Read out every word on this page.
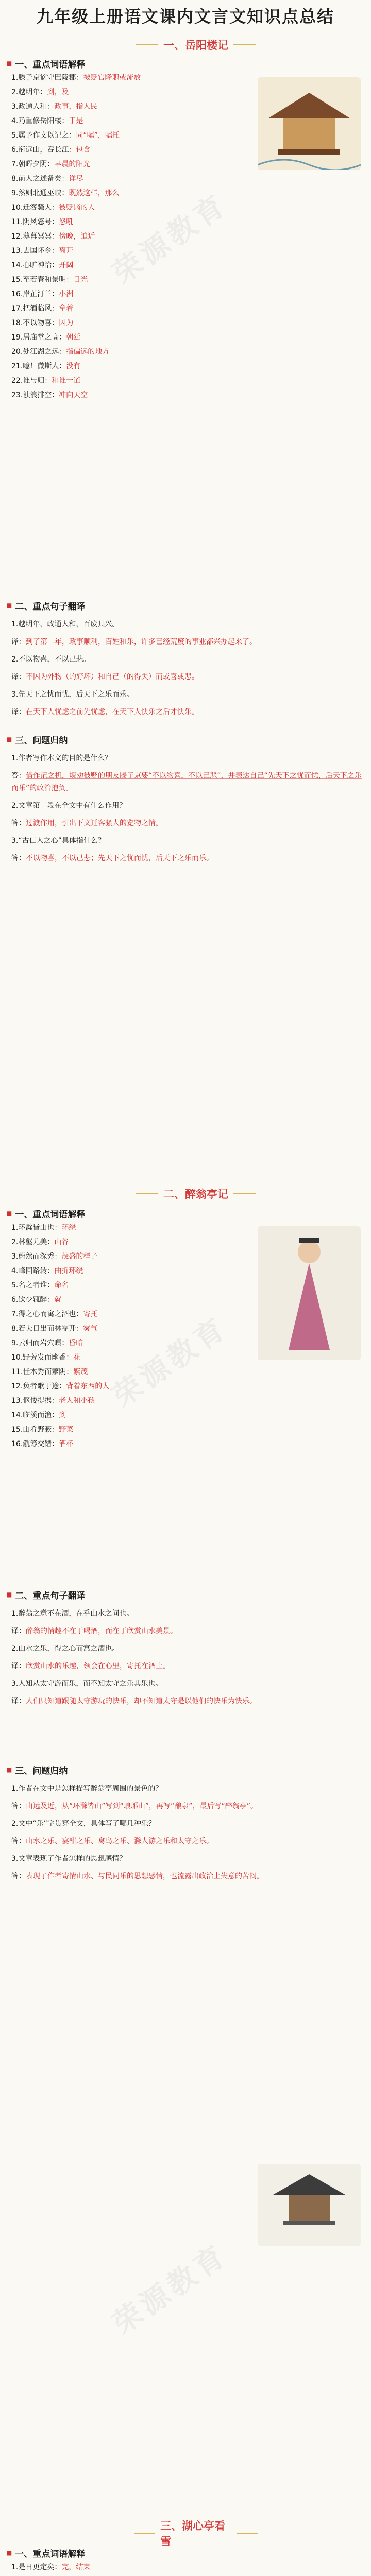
九年级上册语文课内文言文知识点总结
一、岳阳楼记
■ 一、重点词语解释
1.滕子京谪守巴陵郡：被贬官降职或流放
2.越明年：到，及
3.政通人和：政事，指人民
4.乃重修岳阳楼：于是
5.属予作文以记之：同“嘱”，嘱托
6.衔远山，吞长江：包含
7.朝晖夕阴：早晨的阳光
8.前人之述备矣：详尽
9.然则北通巫峡：既然这样，那么
10.迁客骚人：被贬谪的人
11.阴风怒号：怒吼
12.薄暮冥冥：傍晚，迫近
13.去国怀乡：离开
14.心旷神怡：开阔
15.至若春和景明：日光
16.岸芷汀兰：小洲
17.把酒临风：拿着
18.不以物喜：因为
19.居庙堂之高：朝廷
20.处江湖之远：指偏远的地方
21.噫！微斯人：没有
22.谁与归：和谁一道
23.浊浪排空：冲向天空
■ 二、重点句子翻译

1.越明年，政通人和，百废具兴。

译：到了第二年，政事顺利，百姓和乐，许多已经荒废的事业都兴办起来了。

2.不以物喜，不以己悲。

译：不因为外物（的好坏）和自己（的得失）而或喜或悲。

3.先天下之忧而忧，后天下之乐而乐。

译：在天下人忧虑之前先忧虑，在天下人快乐之后才快乐。

■ 三、问题归纳

1.作者写作本文的目的是什么？

答：借作记之机，规劝被贬的朋友滕子京要“不以物喜，不以己悲”，并表达自己“先天下之忧而忧，后天下之乐而乐”的政治抱负。

2.文章第二段在全文中有什么作用？

答：过渡作用，引出下文迁客骚人的览物之情。

3.“古仁人之心”具体指什么？

答：不以物喜，不以己悲；先天下之忧而忧，后天下之乐而乐。

二、醉翁亭记
■ 一、重点词语解释
1.环滁皆山也：环绕
2.林壑尤美：山谷
3.蔚然而深秀：茂盛的样子
4.峰回路转：曲折环绕
5.名之者谁：命名
6.饮少辄醉：就
7.得之心而寓之酒也：寄托
8.若夫日出而林霏开：雾气
9.云归而岩穴暝：昏暗
10.野芳发而幽香：花
11.佳木秀而繁阴：繁茂
12.负者歌于途：背着东西的人
13.伛偻提携：老人和小孩
14.临溪而渔：到
15.山肴野蔌：野菜
16.觥筹交错：酒杯
■ 二、重点句子翻译

1.醉翁之意不在酒，在乎山水之间也。

译：醉翁的情趣不在于喝酒，而在于欣赏山水美景。

2.山水之乐，得之心而寓之酒也。

译：欣赏山水的乐趣，领会在心里，寄托在酒上。

3.人知从太守游而乐，而不知太守之乐其乐也。

译：人们只知道跟随太守游玩的快乐，却不知道太守是以他们的快乐为快乐。

■ 三、问题归纳

1.作者在文中是怎样描写醉翁亭周围的景色的？

答：由远及近，从“环滁皆山”写到“琅琊山”，再写“酿泉”，最后写“醉翁亭”。

2.文中“乐”字贯穿全文，具体写了哪几种乐？

答：山水之乐、宴酣之乐、禽鸟之乐、滁人游之乐和太守之乐。

3.文章表现了作者怎样的思想感情？

答：表现了作者寄情山水、与民同乐的思想感情，也流露出政治上失意的苦闷。

三、湖心亭看雪
■ 一、重点词语解释
1.是日更定矣：完，结束

荣源教育
荣源教育
荣源教育
